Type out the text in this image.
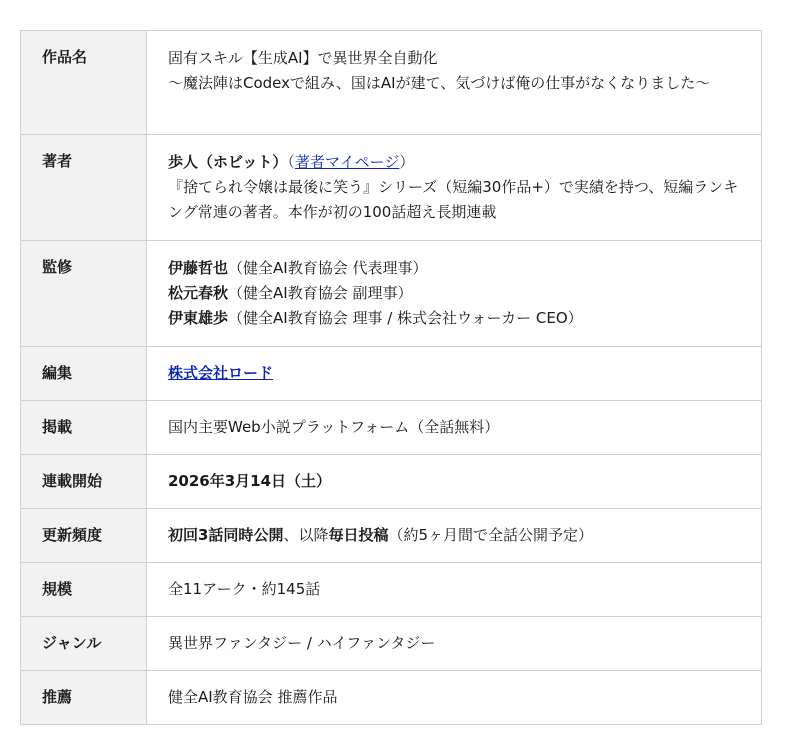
作品名	固有スキル【生成AI】で異世界全自動化
〜魔法陣はCodexで組み、国はAIが建て、気づけば俺の仕事がなくなりました〜

著者	歩人（ホビット）（著者マイページ）
『捨てられ令嬢は最後に笑う』シリーズ（短編30作品+）で実績を持つ、短編ランキング常連の著者。本作が初の100話超え長期連載

監修	伊藤哲也（健全AI教育協会 代表理事）
松元春秋（健全AI教育協会 副理事）
伊東雄歩（健全AI教育協会 理事 / 株式会社ウォーカー CEO）

編集	株式会社ロード
掲載	国内主要Web小説プラットフォーム（全話無料）
連載開始	2026年3月14日（土）
更新頻度	初回3話同時公開、以降毎日投稿（約5ヶ月間で全話公開予定）
規模	全11アーク・約145話
ジャンル	異世界ファンタジー / ハイファンタジー
推薦	健全AI教育協会 推薦作品
